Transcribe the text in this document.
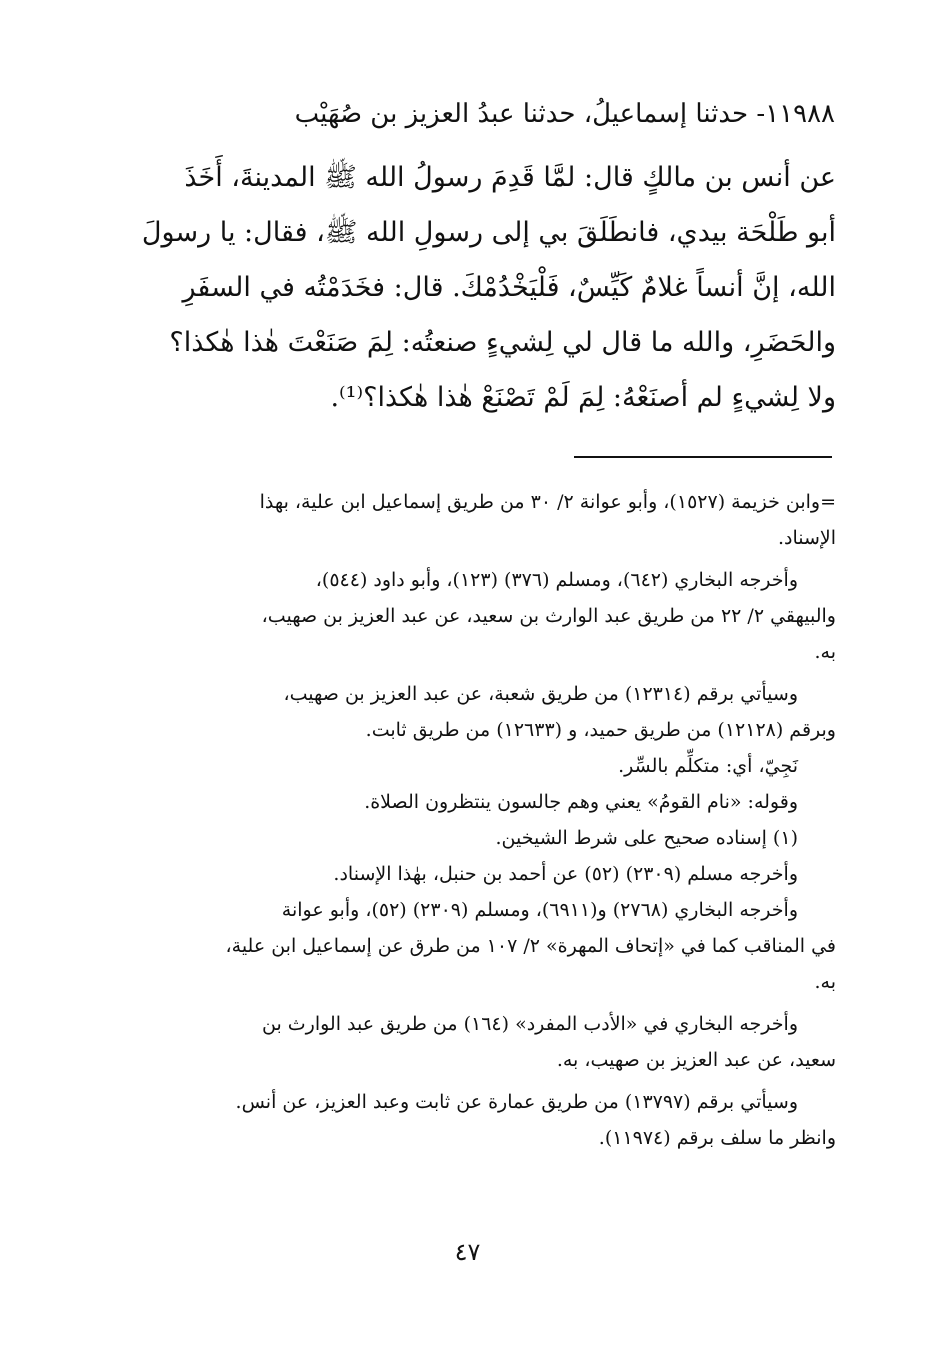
١١٩٨٨- حدثنا إسماعيلُ، حدثنا عبدُ العزيز بن صُهَيْب
عن أنس بن مالكٍ قال: لمَّا قَدِمَ رسولُ الله ﷺ المدينةَ، أَخَذَ
أبو طَلْحَة بيدي، فانطَلَقَ بي إلى رسولِ الله ﷺ، فقال: يا رسولَ
الله، إنَّ أنساً غلامٌ كَيِّسٌ، فَلْيَخْدُمْكَ. قال: فخَدَمْتُه في السفَرِ
والحَضَرِ، والله ما قال لي لِشيءٍ صنعتُه: لِمَ صَنَعْتَ هٰذا هٰكذا؟
ولا لِشيءٍ لم أصنَعْهُ: لِمَ لَمْ تَصْنَعْ هٰذا هٰكذا؟⁽¹⁾.
=وابن خزيمة (١٥٢٧)، وأبو عوانة ٢/ ٣٠ من طريق إسماعيل ابن علية، بهذا
الإسناد.
وأخرجه البخاري (٦٤٢)، ومسلم (٣٧٦) (١٢٣)، وأبو داود (٥٤٤)،
والبيهقي ٢/ ٢٢ من طريق عبد الوارث بن سعيد، عن عبد العزيز بن صهيب،
به.
وسيأتي برقم (١٢٣١٤) من طريق شعبة، عن عبد العزيز بن صهيب،
وبرقم (١٢١٢٨) من طريق حميد، و (١٢٦٣٣) من طريق ثابت.
نَجِيّ، أي: متكلِّم بالسِّر.
وقوله: «نام القومُ» يعني وهم جالسون ينتظرون الصلاة.
(١) إسناده صحيح على شرط الشيخين.
وأخرجه مسلم (٢٣٠٩) (٥٢) عن أحمد بن حنبل، بهٰذا الإسناد.
وأخرجه البخاري (٢٧٦٨) و(٦٩١١)، ومسلم (٢٣٠٩) (٥٢)، وأبو عوانة
في المناقب كما في «إتحاف المهرة» ٢/ ١٠٧ من طرق عن إسماعيل ابن علية،
به.
وأخرجه البخاري في «الأدب المفرد» (١٦٤) من طريق عبد الوارث بن
سعيد، عن عبد العزيز بن صهيب، به.
وسيأتي برقم (١٣٧٩٧) من طريق عمارة عن ثابت وعبد العزيز، عن أنس.
وانظر ما سلف برقم (١١٩٧٤).
٤٧
